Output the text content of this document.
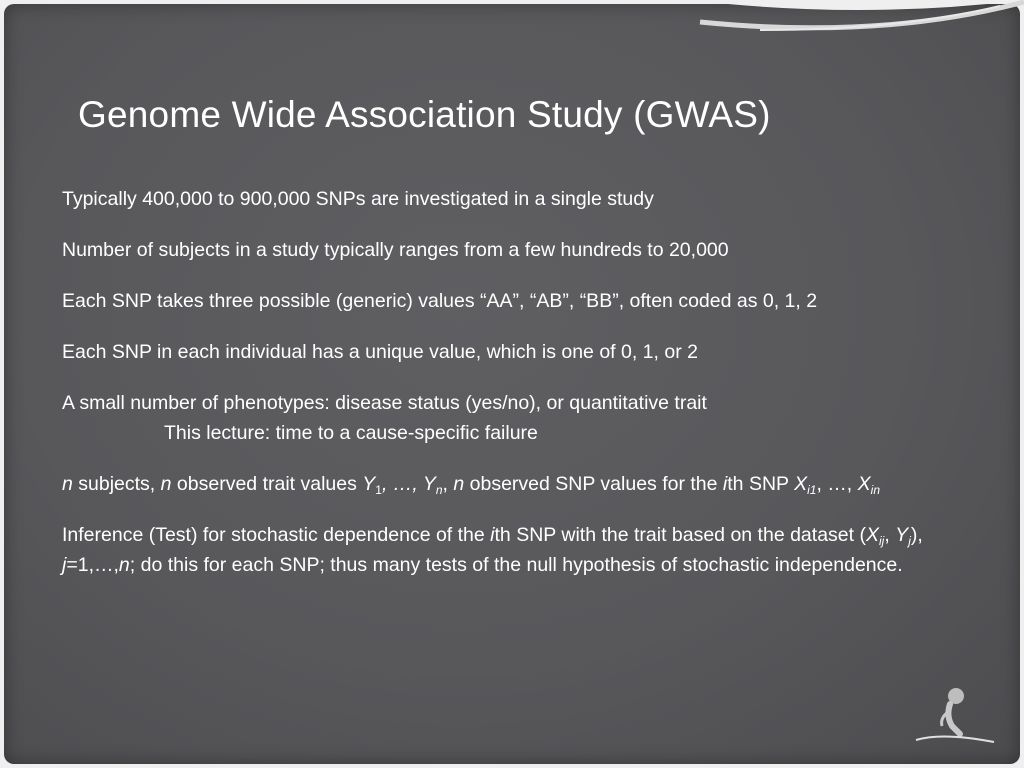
Genome Wide Association Study (GWAS)

Typically 400,000 to 900,000 SNPs are investigated in a single study

Number of subjects in a study typically ranges from a few hundreds to 20,000

Each SNP takes three possible (generic) values “AA”, “AB”, “BB”, often coded as 0, 1, 2

Each SNP in each individual has a unique value, which is one of 0, 1, or 2

A small number of phenotypes: disease status (yes/no), or quantitative trait

This lecture: time to a cause-specific failure

n subjects, n observed trait values $Y_1$, …, $Y_n$, n observed SNP values for the ith SNP $X_{i1}$, …, $X_{in}$

Inference (Test) for stochastic dependence of the ith SNP with the trait based on the dataset ($X_{ij}$, $Y_j$), j=1,…,n; do this for each SNP; thus many tests of the null hypothesis of stochastic independence.
